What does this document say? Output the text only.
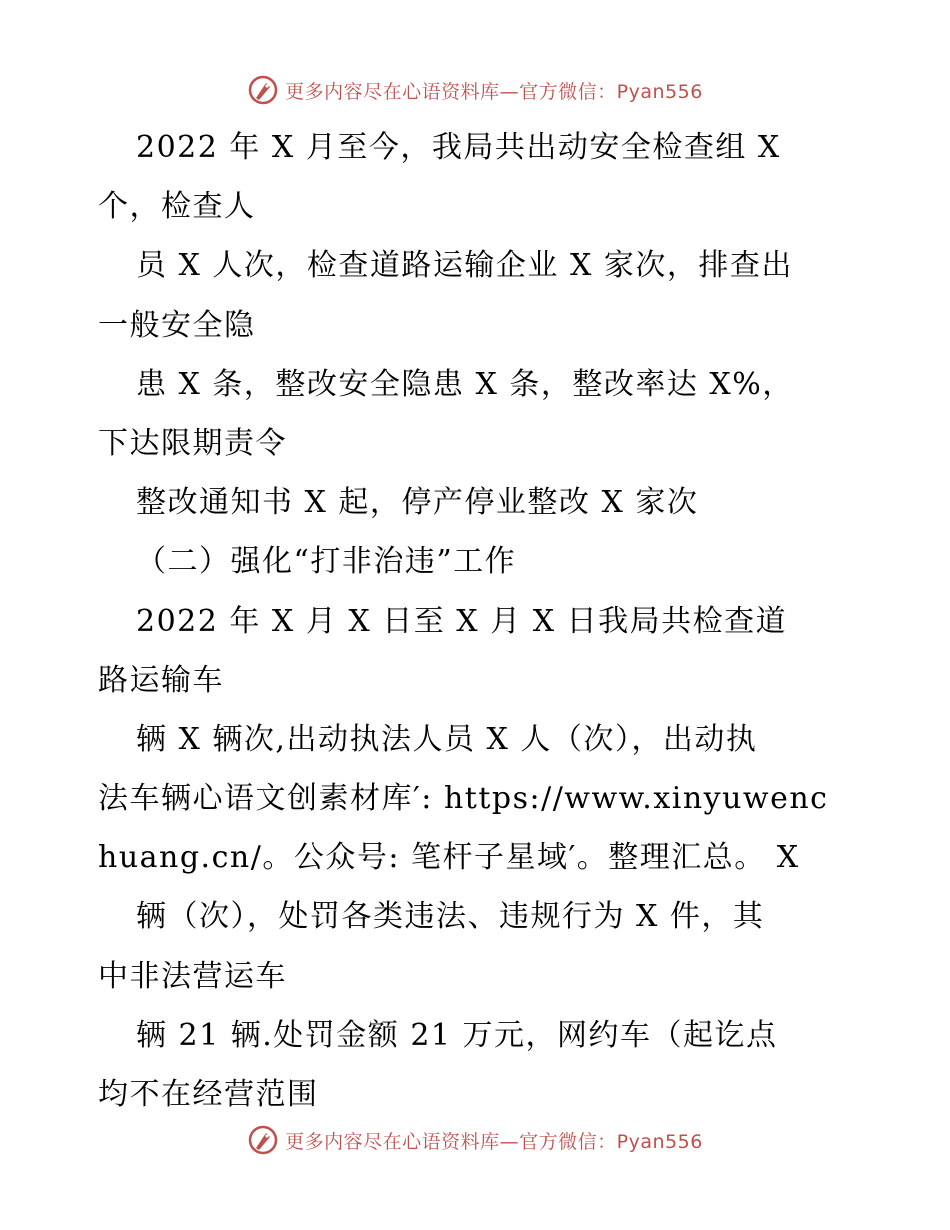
更多内容尽在心语资料库—官方微信：Pyan556
2022 年 X 月至今，我局共出动安全检查组 X
个，检查人
员 X 人次，检查道路运输企业 X 家次，排查出
一般安全隐
患 X 条，整改安全隐患 X 条，整改率达 X%，
下达限期责令
整改通知书 X 起，停产停业整改 X 家次
（二）强化“打非治违”工作
2022 年 X 月 X 日至 X 月 X 日我局共检查道
路运输车
辆 X 辆次,出动执法人员 X 人（次），出动执
法车辆心语文创素材库′: https://www.xinyuwenc
huang.cn/。公众号: 笔杆子星域′。整理汇总。 X
辆（次），处罚各类违法、违规行为 X 件，其
中非法营运车
辆 21 辆.处罚金额 21 万元，网约车（起讫点
均不在经营范围
更多内容尽在心语资料库—官方微信：Pyan556
